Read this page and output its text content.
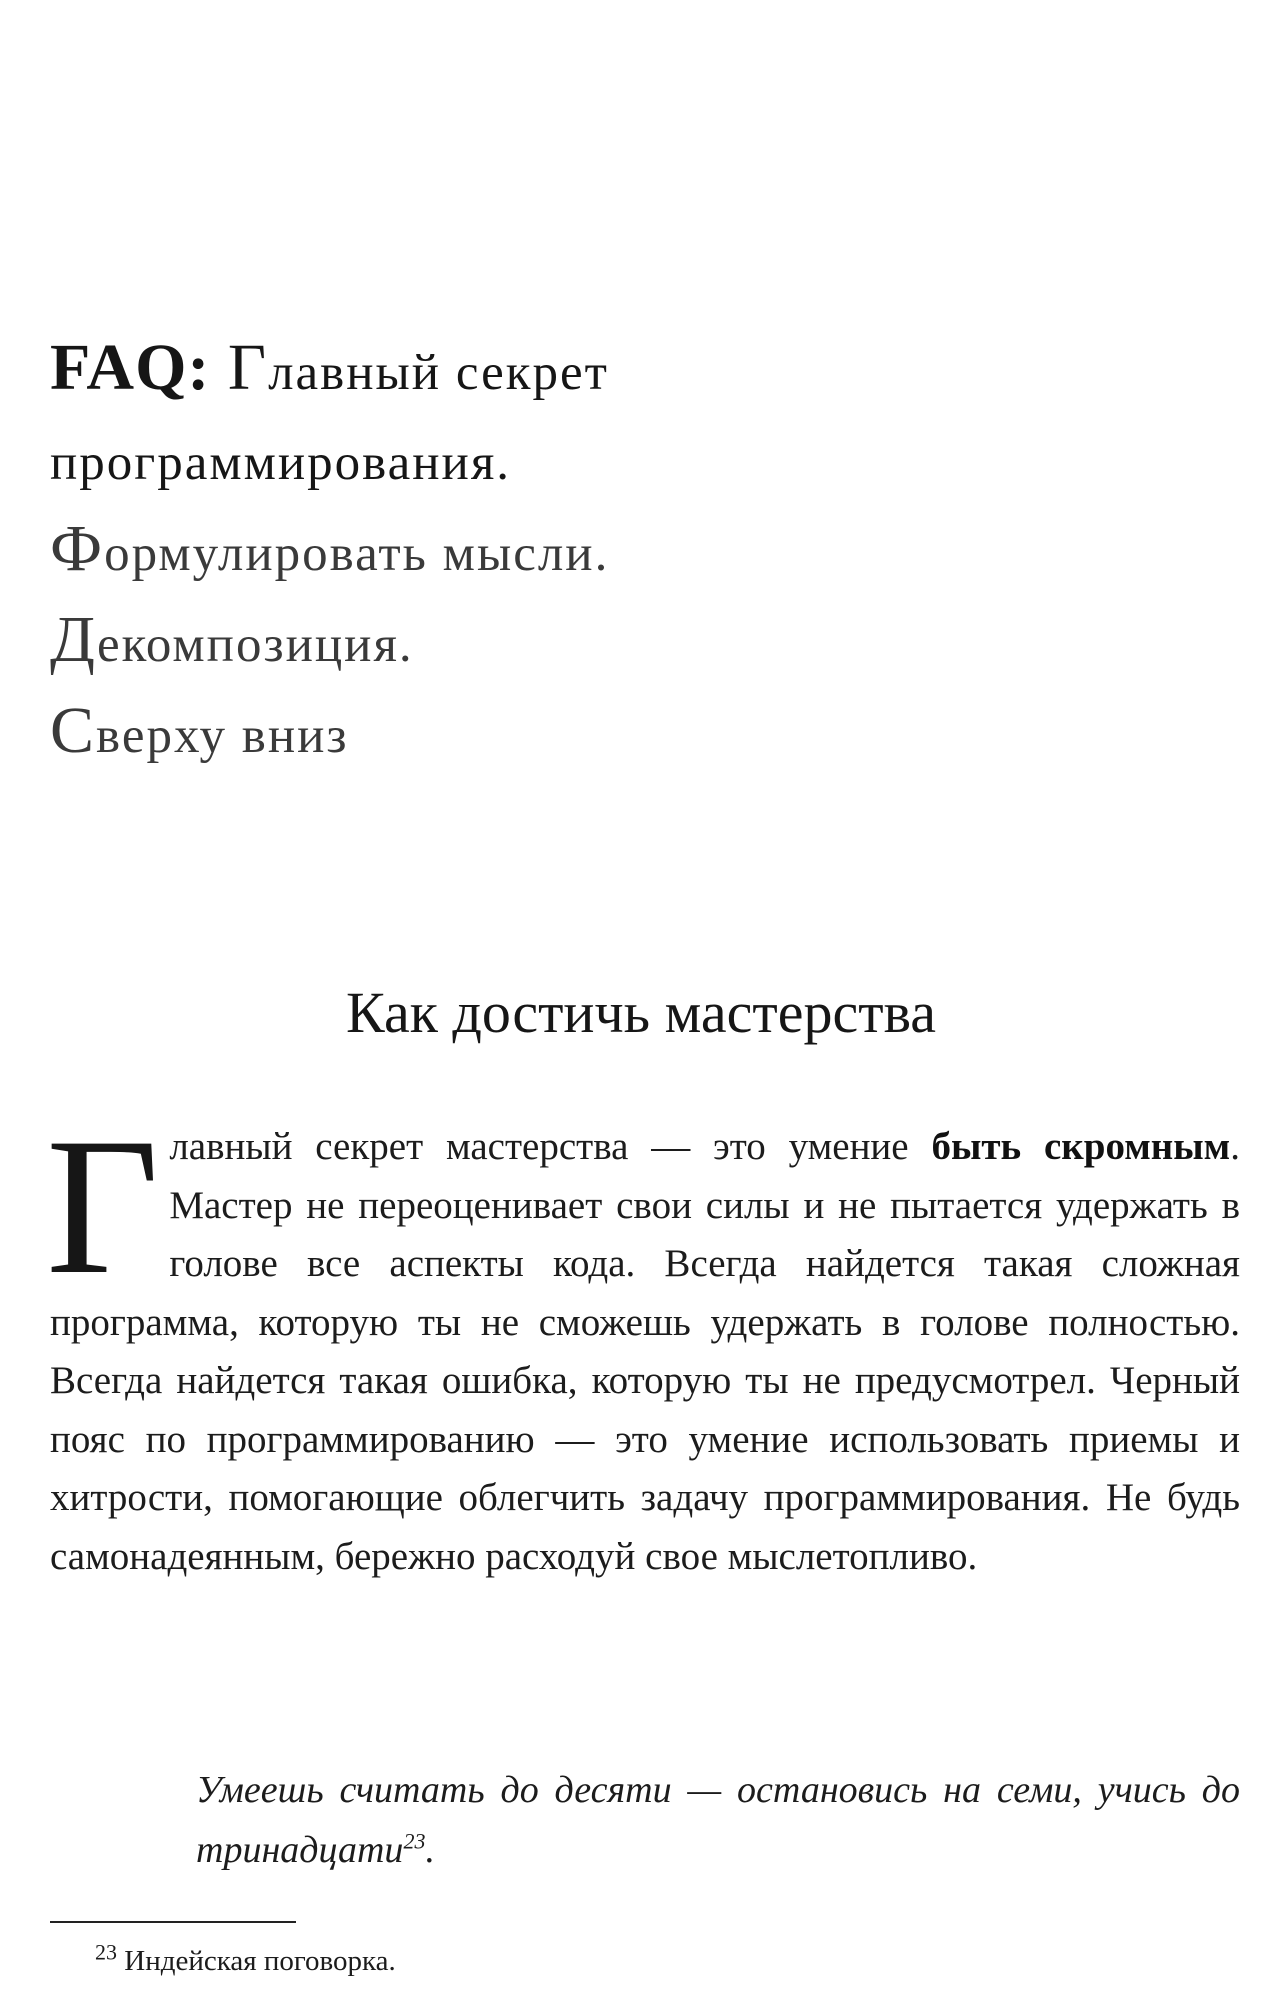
FAQ: Главный секрет
программирования.
Формулировать мысли.
Декомпозиция.
Сверху вниз
Как достичь мастерства

Главный секрет мастерства — это умение быть скромным. Мастер не переоценивает свои силы и не пытается удержать в голове все аспекты кода. Всегда найдется такая сложная программа, которую ты не сможешь удержать в голове полностью. Всегда найдется такая ошибка, которую ты не предусмотрел. Черный пояс по программированию — это умение использовать приемы и хитрости, помогающие облегчить задачу программирования. Не будь самонадеянным, бережно расходуй свое мыслетопливо.

Умеешь считать до десяти — остановись на семи, учись до тринадцати$^{23}$.

$^{23}$ Индейская поговорка.
